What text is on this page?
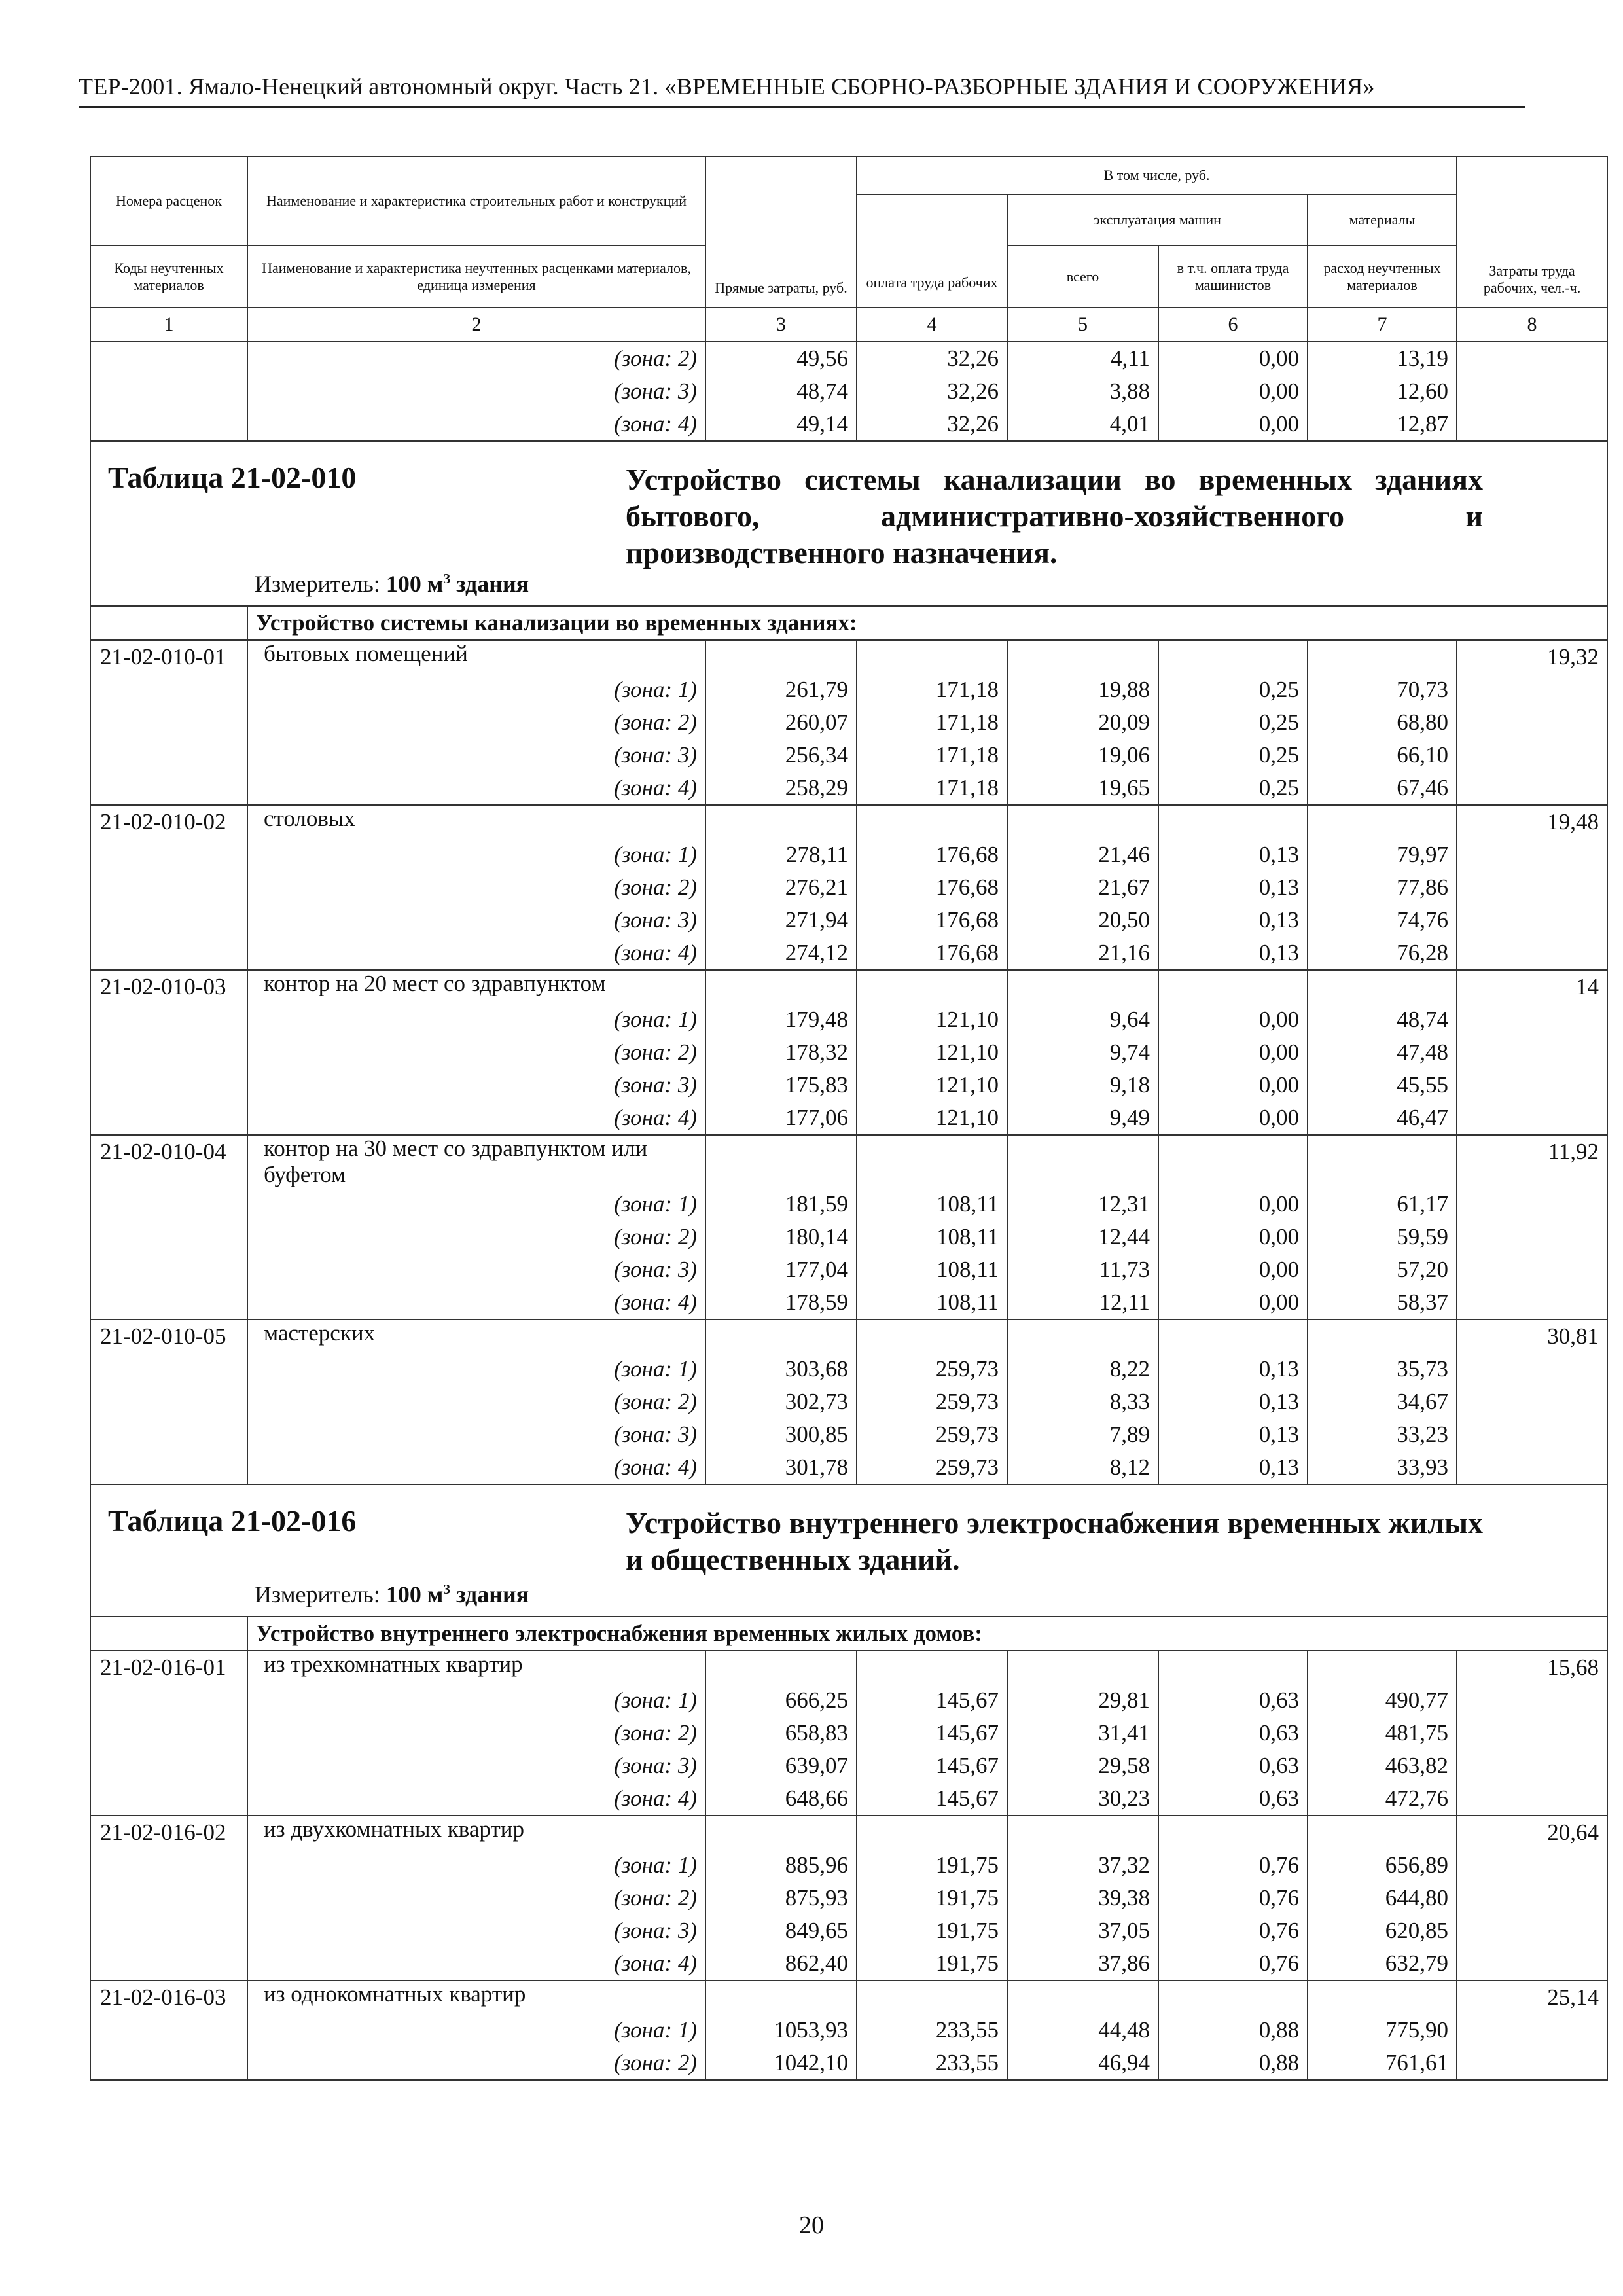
ТЕР-2001. Ямало-Ненецкий автономный округ. Часть 21. «ВРЕМЕННЫЕ СБОРНО-РАЗБОРНЫЕ ЗДАНИЯ И СООРУЖЕНИЯ»
Номера расценок	Наименование и характеристика строительных работ и конструкций	Прямые затраты, руб.	В том числе, руб.				Затраты труда рабочих, чел.-ч.
			оплата труда рабочих	эксплуатация машин		материалы	
Коды неучтенных материалов	Наименование и характеристика неучтенных расценками материалов, единица измерения			всего	в т.ч. оплата труда машинистов	расход неучтенных материалов	
1	2	3	4	5	6	7	8
	(зона: 2)	49,56	32,26	4,11	0,00	13,19	
	(зона: 3)	48,74	32,26	3,88	0,00	12,60	
	(зона: 4)	49,14	32,26	4,01	0,00	12,87	

Таблица 21-02-010 Устройство системы канализации во временных зданиях бытового, административно-хозяйственного и производственного назначения.
Измеритель: 100 $м^3$ здания							

	Устройство системы канализации во временных зданиях:						
21-02-010-01	бытовых помещений						19,32
	(зона: 1)	261,79	171,18	19,88	0,25	70,73	
	(зона: 2)	260,07	171,18	20,09	0,25	68,80	
	(зона: 3)	256,34	171,18	19,06	0,25	66,10	
	(зона: 4)	258,29	171,18	19,65	0,25	67,46	
21-02-010-02	столовых						19,48
	(зона: 1)	278,11	176,68	21,46	0,13	79,97	
	(зона: 2)	276,21	176,68	21,67	0,13	77,86	
	(зона: 3)	271,94	176,68	20,50	0,13	74,76	
	(зона: 4)	274,12	176,68	21,16	0,13	76,28	
21-02-010-03	контор на 20 мест со здравпунктом						14
	(зона: 1)	179,48	121,10	9,64	0,00	48,74	
	(зона: 2)	178,32	121,10	9,74	0,00	47,48	
	(зона: 3)	175,83	121,10	9,18	0,00	45,55	
	(зона: 4)	177,06	121,10	9,49	0,00	46,47	
21-02-010-04	контор на 30 мест со здравпунктом или буфетом						11,92
	(зона: 1)	181,59	108,11	12,31	0,00	61,17	
	(зона: 2)	180,14	108,11	12,44	0,00	59,59	
	(зона: 3)	177,04	108,11	11,73	0,00	57,20	
	(зона: 4)	178,59	108,11	12,11	0,00	58,37	
21-02-010-05	мастерских						30,81
	(зона: 1)	303,68	259,73	8,22	0,13	35,73	
	(зона: 2)	302,73	259,73	8,33	0,13	34,67	
	(зона: 3)	300,85	259,73	7,89	0,13	33,23	
	(зона: 4)	301,78	259,73	8,12	0,13	33,93	

Таблица 21-02-016 Устройство внутреннего электроснабжения временных жилых и общественных зданий.
Измеритель: 100 $м^3$ здания							

	Устройство внутреннего электроснабжения временных жилых домов:						
21-02-016-01	из трехкомнатных квартир						15,68
	(зона: 1)	666,25	145,67	29,81	0,63	490,77	
	(зона: 2)	658,83	145,67	31,41	0,63	481,75	
	(зона: 3)	639,07	145,67	29,58	0,63	463,82	
	(зона: 4)	648,66	145,67	30,23	0,63	472,76	
21-02-016-02	из двухкомнатных квартир						20,64
	(зона: 1)	885,96	191,75	37,32	0,76	656,89	
	(зона: 2)	875,93	191,75	39,38	0,76	644,80	
	(зона: 3)	849,65	191,75	37,05	0,76	620,85	
	(зона: 4)	862,40	191,75	37,86	0,76	632,79	
21-02-016-03	из однокомнатных квартир						25,14
	(зона: 1)	1053,93	233,55	44,48	0,88	775,90	
	(зона: 2)	1042,10	233,55	46,94	0,88	761,61	
20
